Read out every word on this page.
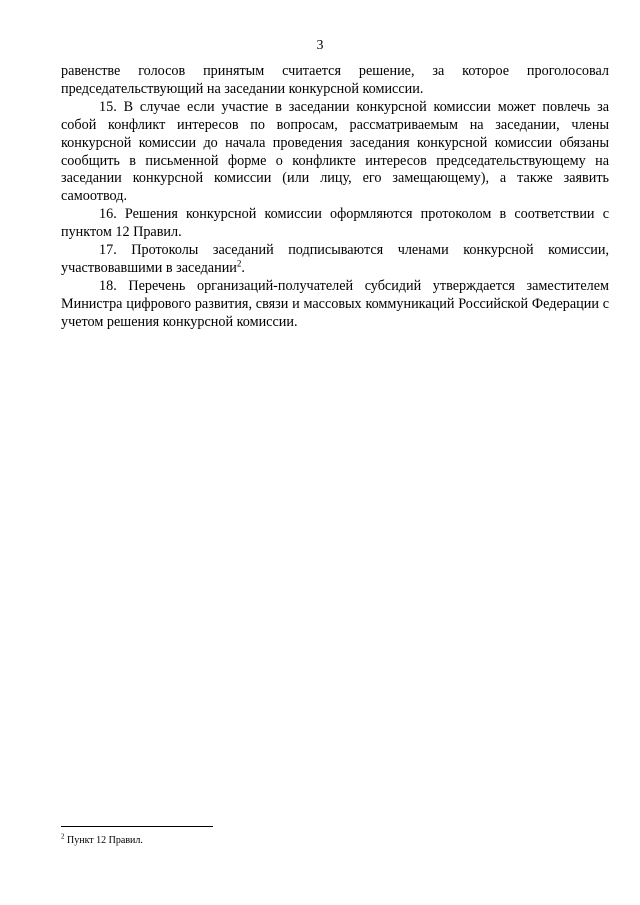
3

равенстве голосов принятым считается решение, за которое проголосовал председательствующий на заседании конкурсной комиссии.

15. В случае если участие в заседании конкурсной комиссии может повлечь за собой конфликт интересов по вопросам, рассматриваемым на заседании, члены конкурсной комиссии до начала проведения заседания конкурсной комиссии обязаны сообщить в письменной форме о конфликте интересов председательствующему на заседании конкурсной комиссии (или лицу, его замещающему), а также заявить самоотвод.

16. Решения конкурсной комиссии оформляются протоколом в соответствии с пунктом 12 Правил.

17. Протоколы заседаний подписываются членами конкурсной комиссии, участвовавшими в заседании$^2$.

18. Перечень организаций-получателей субсидий утверждается заместителем Министра цифрового развития, связи и массовых коммуникаций Российской Федерации с учетом решения конкурсной комиссии.

$^2$ Пункт 12 Правил.
